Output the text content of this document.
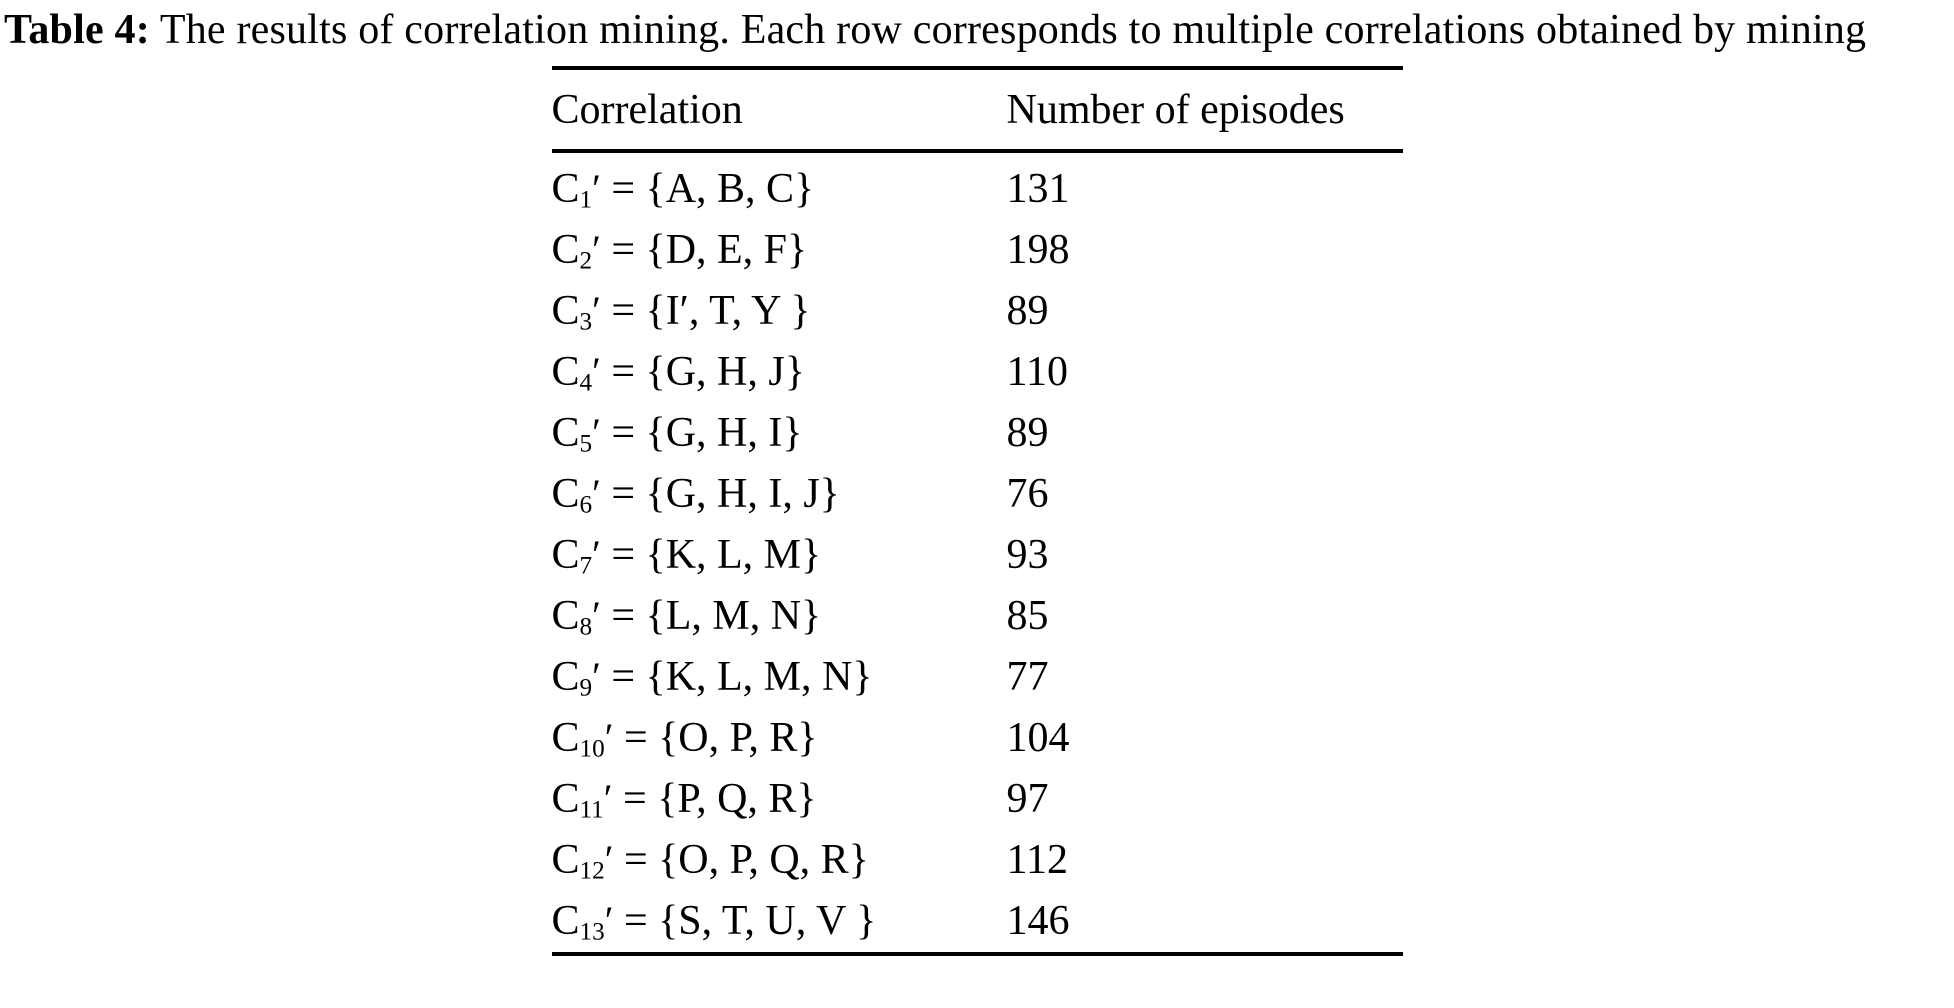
Table 4: The results of correlation mining. Each row corresponds to multiple correlations obtained by mining
Correlation	Number of episodes
C1′ = {A, B, C}	131
C2′ = {D, E, F}	198
C3′ = {I′, T, Y }	89
C4′ = {G, H, J}	110
C5′ = {G, H, I}	89
C6′ = {G, H, I, J}	76
C7′ = {K, L, M}	93
C8′ = {L, M, N}	85
C9′ = {K, L, M, N}	77
C10′ = {O, P, R}	104
C11′ = {P, Q, R}	97
C12′ = {O, P, Q, R}	112
C13′ = {S, T, U, V }	146
